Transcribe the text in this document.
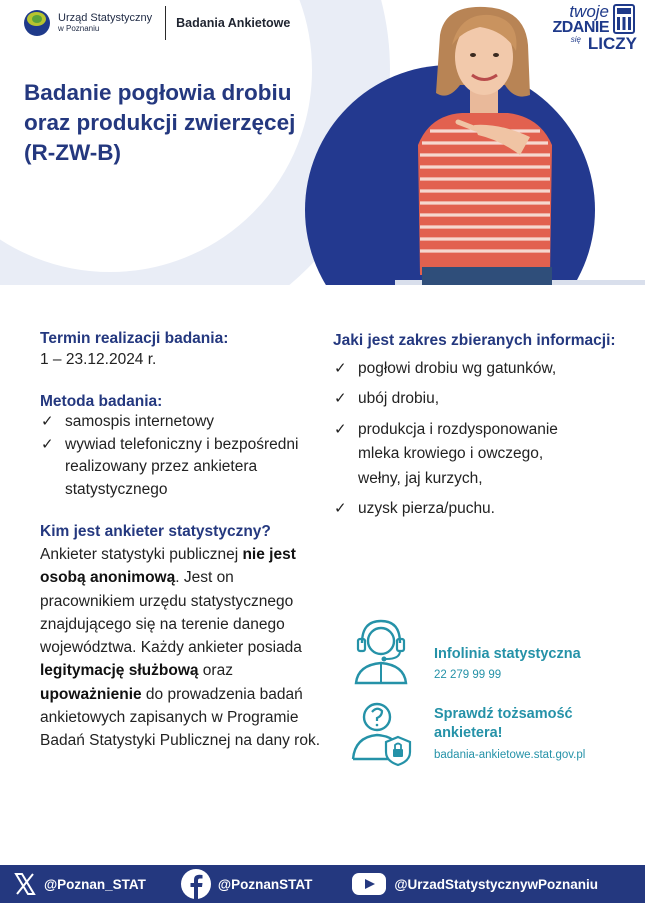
Urząd Statystyczny
w Poznaniu	Badania Ankietowe
twoje
ZDANIE
się LICZY
Badanie pogłowia drobiu
oraz produkcji zwierzęcej
(R-ZW-B)
Termin realizacji badania:
1 – 23.12.2024 r.
Metoda badania:
✓ samospis internetowy
✓ wywiad telefoniczny i bezpośredni realizowany przez ankietera statystycznego
Kim jest ankieter statystyczny?

Ankieter statystyki publicznej nie jest osobą anonimową. Jest on pracownikiem urzędu statystycznego znajdującego się na terenie danego województwa. Każdy ankieter posiada legitymację służbową oraz upoważnienie do prowadzenia badań ankietowych zapisanych w Programie Badań Statystyki Publicznej na dany rok.

Jaki jest zakres zbieranych informacji:
✓ pogłowi drobiu wg gatunków,
✓ ubój drobiu,
✓ produkcja i rozdysponowanie
mleka krowiego i owczego,
wełny, jaj kurzych,
✓ uzysk pierza/puchu.
Infolinia statystyczna
22 279 99 99
Sprawdź tożsamość
ankietera!
badania-ankietowe.stat.gov.pl
@Poznan_STAT	@PoznanSTAT	@UrzadStatystycznywPoznaniu
